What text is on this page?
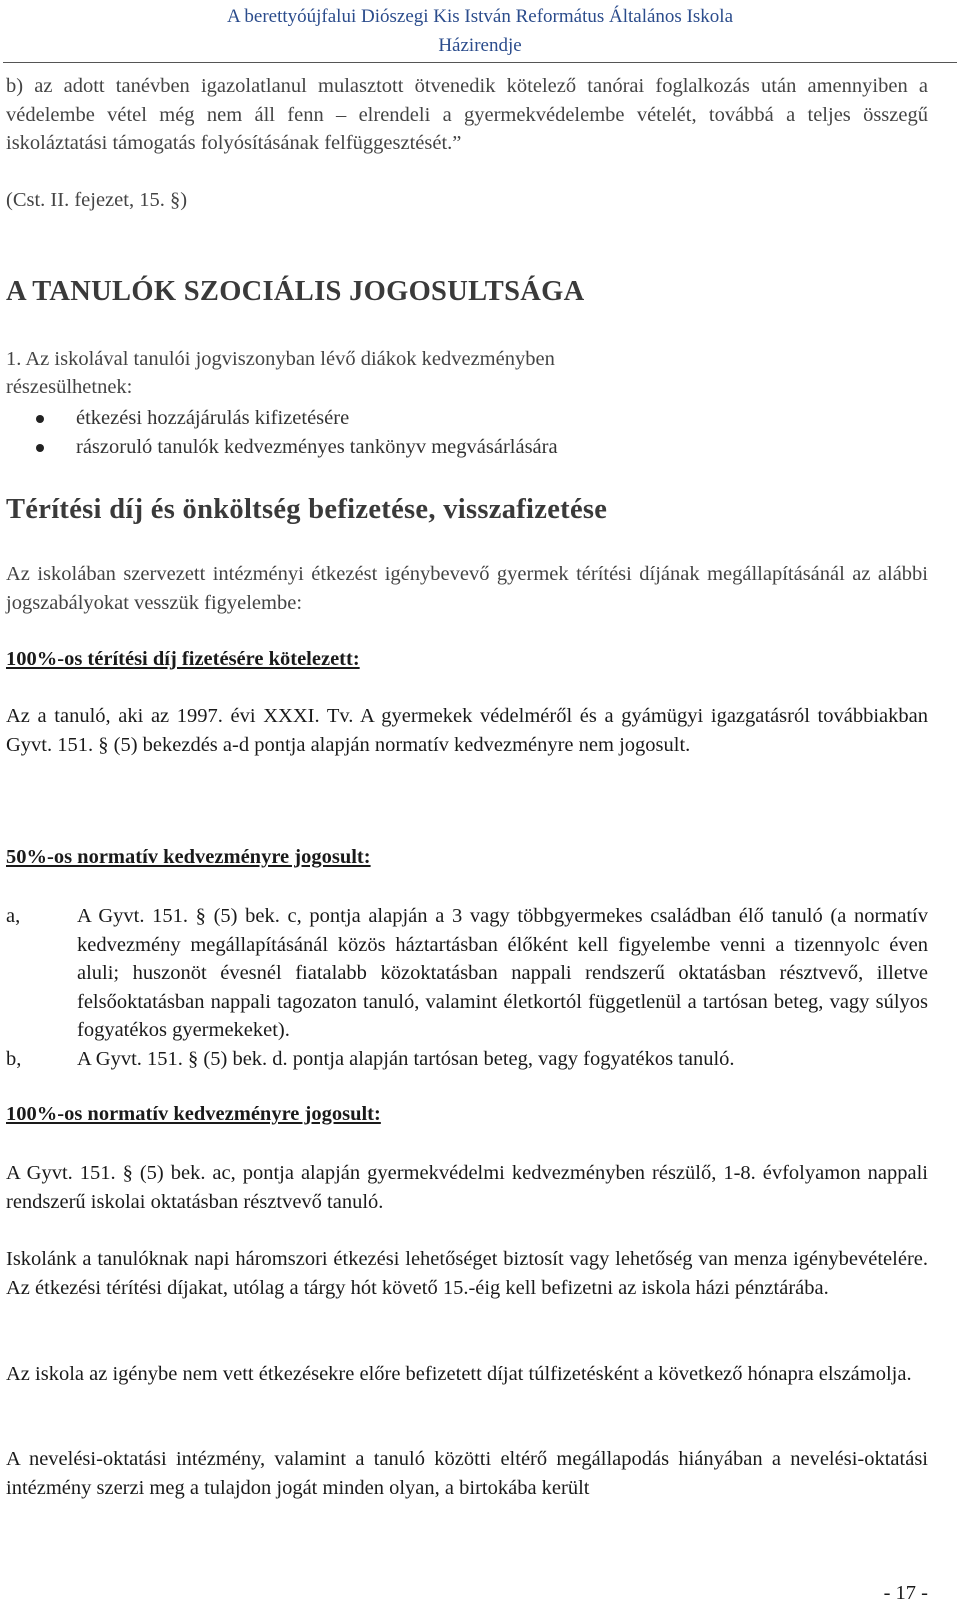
A berettyóújfalui Diószegi Kis István Református Általános Iskola
Házirendje

b) az adott tanévben igazolatlanul mulasztott ötvenedik kötelező tanórai foglalkozás után amennyiben a védelembe vétel még nem áll fenn – elrendeli a gyermekvédelembe vételét, továbbá a teljes összegű iskoláztatási támogatás folyósításának felfüggesztését.”

(Cst. II. fejezet, 15. §)

A TANULÓK SZOCIÁLIS JOGOSULTSÁGA

1. Az iskolával tanulói jogviszonyban lévő diákok kedvezményben

részesülhetnek:

étkezési hozzájárulás kifizetésére
rászoruló tanulók kedvezményes tankönyv megvásárlására
Térítési díj és önköltség befizetése, visszafizetése

Az iskolában szervezett intézményi étkezést igénybevevő gyermek térítési díjának megállapításánál az alábbi jogszabályokat vesszük figyelembe:

100%-os térítési díj fizetésére kötelezett:

Az a tanuló, aki az 1997. évi XXXI. Tv. A gyermekek védelméről és a gyámügyi igazgatásról továbbiakban Gyvt. 151. § (5) bekezdés a-d pontja alapján normatív kedvezményre nem jogosult.

50%-os normatív kedvezményre jogosult:
a,	A Gyvt. 151. § (5) bek. c, pontja alapján a 3 vagy többgyermekes családban élő tanuló (a normatív kedvezmény megállapításánál közös háztartásban élőként kell figyelembe venni a tizennyolc éven aluli; huszonöt évesnél fiatalabb közoktatásban nappali rendszerű oktatásban résztvevő, illetve felsőoktatásban nappali tagozaton tanuló, valamint életkortól függetlenül a tartósan beteg, vagy súlyos fogyatékos gyermekeket).
b,	A Gyvt. 151. § (5) bek. d. pontja alapján tartósan beteg, vagy fogyatékos tanuló.
100%-os normatív kedvezményre jogosult:

A Gyvt. 151. § (5) bek. ac, pontja alapján gyermekvédelmi kedvezményben részülő, 1-8. évfolyamon nappali rendszerű iskolai oktatásban résztvevő tanuló.

Iskolánk a tanulóknak napi háromszori étkezési lehetőséget biztosít vagy lehetőség van menza igénybevételére. Az étkezési térítési díjakat, utólag a tárgy hót követő 15.-éig kell befizetni az iskola házi pénztárába.

Az iskola az igénybe nem vett étkezésekre előre befizetett díjat túlfizetésként a következő hónapra elszámolja.

A nevelési-oktatási intézmény, valamint a tanuló közötti eltérő megállapodás hiányában a nevelési-oktatási intézmény szerzi meg a tulajdon jogát minden olyan, a birtokába került

- 17 -
